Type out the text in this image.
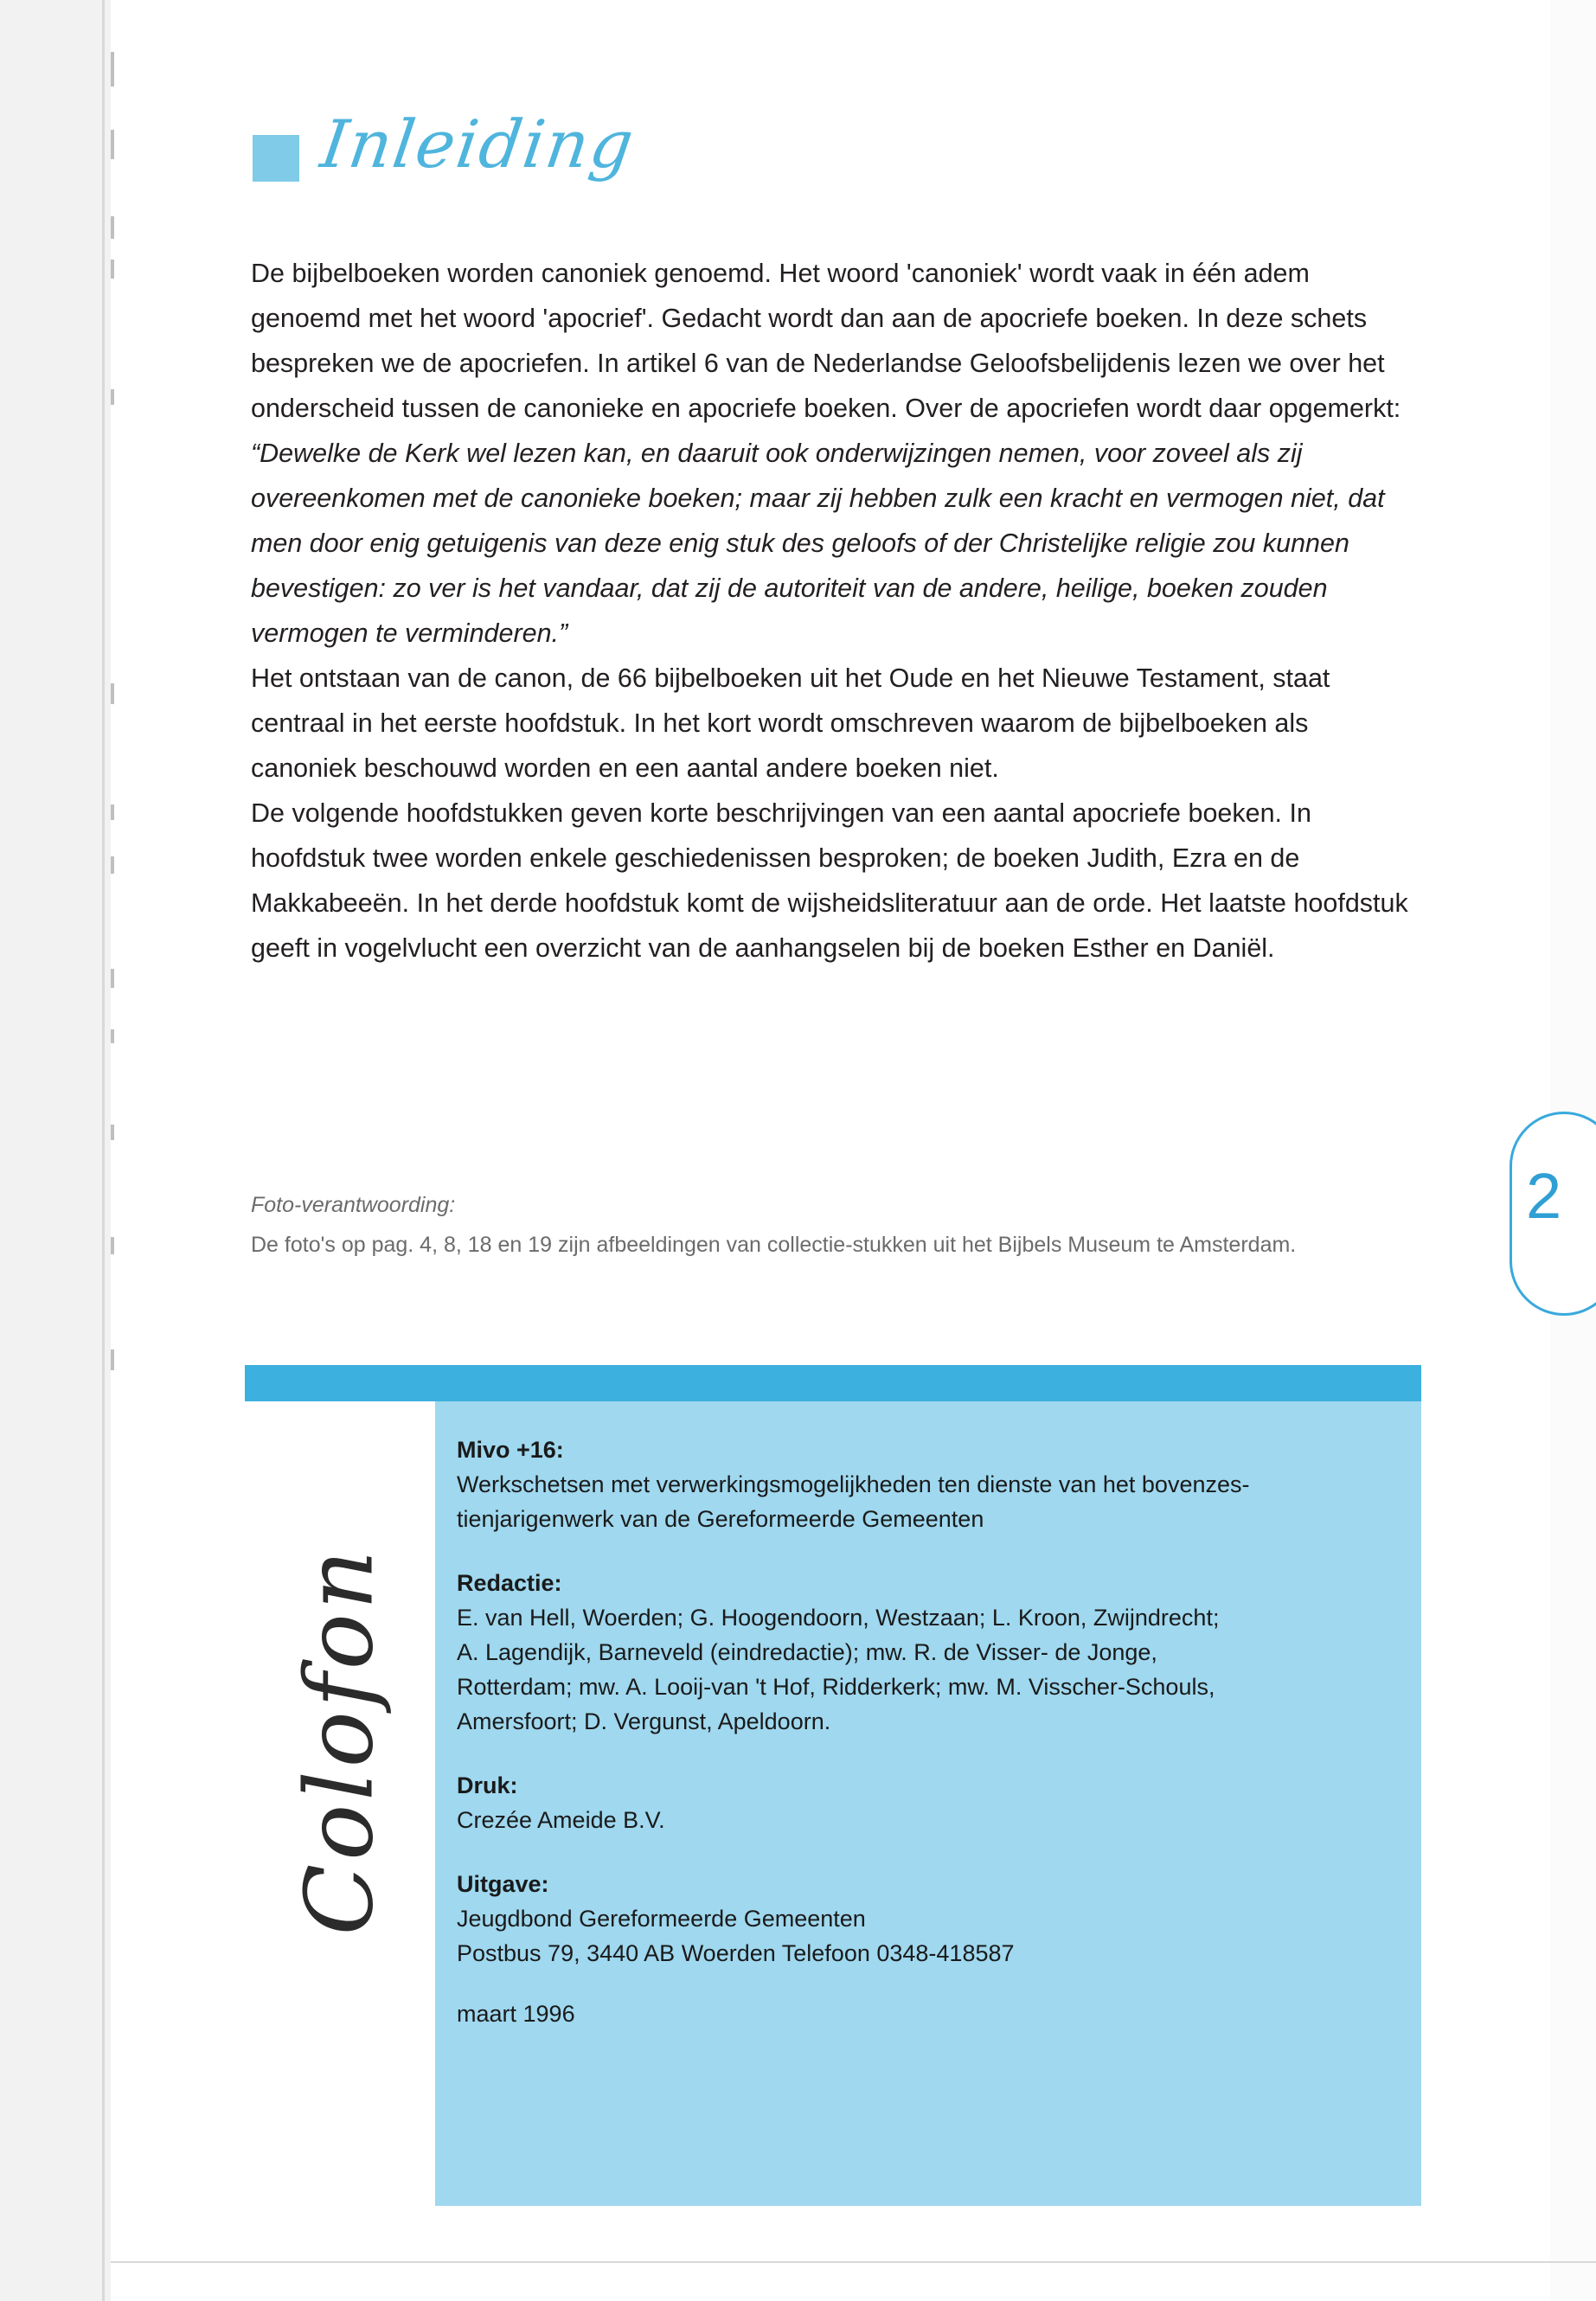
Inleiding

De bijbelboeken worden canoniek genoemd. Het woord 'canoniek' wordt vaak in één adem genoemd met het woord 'apocrief'. Gedacht wordt dan aan de apocriefe boeken. In deze schets bespreken we de apocriefen. In artikel 6 van de Nederlandse Geloofsbelijdenis lezen we over het onderscheid tussen de canonieke en apocriefe boeken. Over de apocriefen wordt daar opgemerkt:

“Dewelke de Kerk wel lezen kan, en daaruit ook onderwijzingen nemen, voor zoveel als zij overeenkomen met de canonieke boeken; maar zij hebben zulk een kracht en vermogen niet, dat men door enig getuigenis van deze enig stuk des geloofs of der Christelijke religie zou kunnen bevestigen: zo ver is het vandaar, dat zij de autoriteit van de andere, heilige, boeken zouden vermogen te verminderen.”

Het ontstaan van de canon, de 66 bijbelboeken uit het Oude en het Nieuwe Testament, staat centraal in het eerste hoofdstuk. In het kort wordt omschreven waarom de bijbelboeken als canoniek beschouwd worden en een aantal andere boeken niet.

De volgende hoofdstukken geven korte beschrijvingen van een aantal apocriefe boeken. In hoofdstuk twee worden enkele geschiedenissen besproken; de boeken Judith, Ezra en de Makkabeeën. In het derde hoofdstuk komt de wijsheidsliteratuur aan de orde. Het laatste hoofdstuk geeft in vogelvlucht een overzicht van de aanhangselen bij de boeken Esther en Daniël.

Foto-verantwoording:
De foto's op pag. 4, 8, 18 en 19 zijn afbeeldingen van collectie-stukken uit het Bijbels Museum te Amsterdam.
2
Colofon

Mivo +16:

Werkschetsen met verwerkingsmogelijkheden ten dienste van het bovenzes-

tienjarigenwerk van de Gereformeerde Gemeenten

Redactie:

E. van Hell, Woerden; G. Hoogendoorn, Westzaan; L. Kroon, Zwijndrecht;

A. Lagendijk, Barneveld (eindredactie); mw. R. de Visser- de Jonge,

Rotterdam; mw. A. Looij-van 't Hof, Ridderkerk; mw. M. Visscher-Schouls,

Amersfoort; D. Vergunst, Apeldoorn.

Druk:

Crezée Ameide B.V.

Uitgave:

Jeugdbond Gereformeerde Gemeenten

Postbus 79, 3440 AB Woerden Telefoon 0348-418587

maart 1996
